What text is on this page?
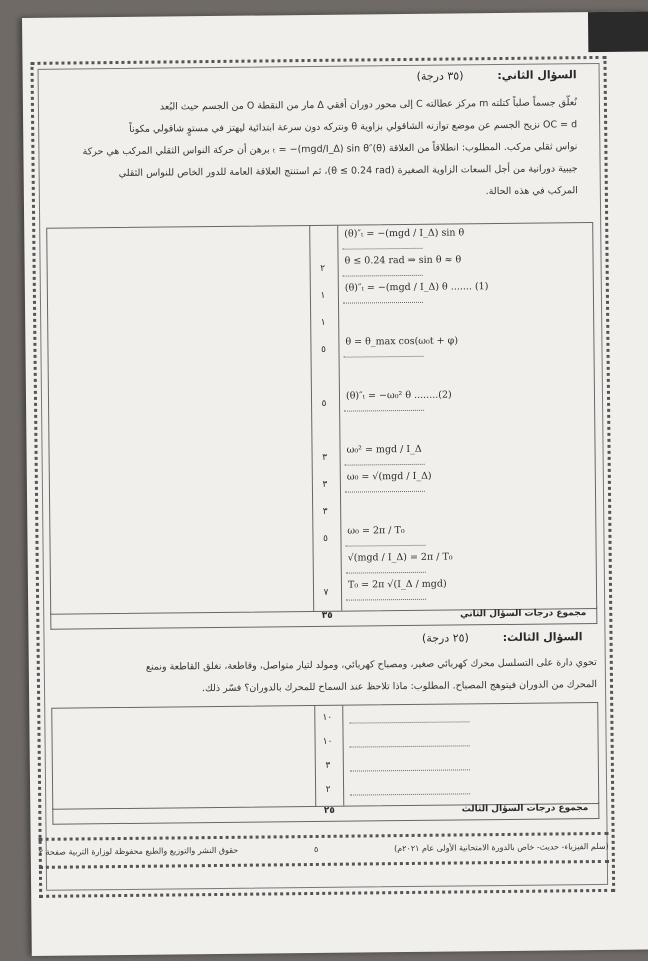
السؤال الثاني: (٣٥ درجة)
نُعلّق جسماً صلباً كتلته m مركز عطالته C إلى محور دوران أفقي Δ مار من النقطة O من الجسم حيث البُعد
OC = d نزيح الجسم عن موضع توازنه الشاقولي بزاوية θ ونتركه دون سرعة ابتدائية ليهتز في مستوٍ شاقولي مكوناً
نواس ثقلي مركب. المطلوب: انطلاقاً من العلاقة (θ)″ₜ = −(mgd/I_Δ) sin θ برهن أن حركة النواس الثقلي المركب هي حركة
جيبية دورانية من أجل السعات الزاوية الصغيرة (θ ≤ 0.24 rad)، ثم استنتج العلاقة العامة للدور الخاص للنواس الثقلي
المركب في هذه الحالة.
(θ)″ₜ = −(mgd / I_Δ) sin θ
θ ≤ 0.24 rad ⇒ sin θ ≈ θ
٢
(θ)″ₜ = −(mgd / I_Δ) θ ....... (1)
١
١
θ = θ_max cos(ω₀t + φ)
٥
(θ)″ₜ = −ω₀² θ ........(2)
٥
ω₀² = mgd / I_Δ
٣
ω₀ = √(mgd / I_Δ)
٣
٣
ω₀ = 2π / T₀
٥
√(mgd / I_Δ) = 2π / T₀
T₀ = 2π √(I_Δ / mgd)
٧
مجموع درجات السؤال الثاني
٣٥
السؤال الثالث: (٢٥ درجة)
تحوي دارة على التسلسل محرك كهربائي صغير، ومصباح كهربائي، ومولد لتيار متواصل، وقاطعة، نغلق القاطعة ونمنع
المحرك من الدوران فيتوهج المصباح. المطلوب: ماذا تلاحظ عند السماح للمحرك بالدوران؟ فسّر ذلك.
١٠
١٠
٣
٢
مجموع درجات السؤال الثالث
٢٥
(سلم الفيزياء- حديث- خاص بالدورة الامتحانية الأولى عام ٢٠٢١م)
٥
حقوق النشر والتوزيع والطبع محفوظة لوزارة التربية صفحة ٢
